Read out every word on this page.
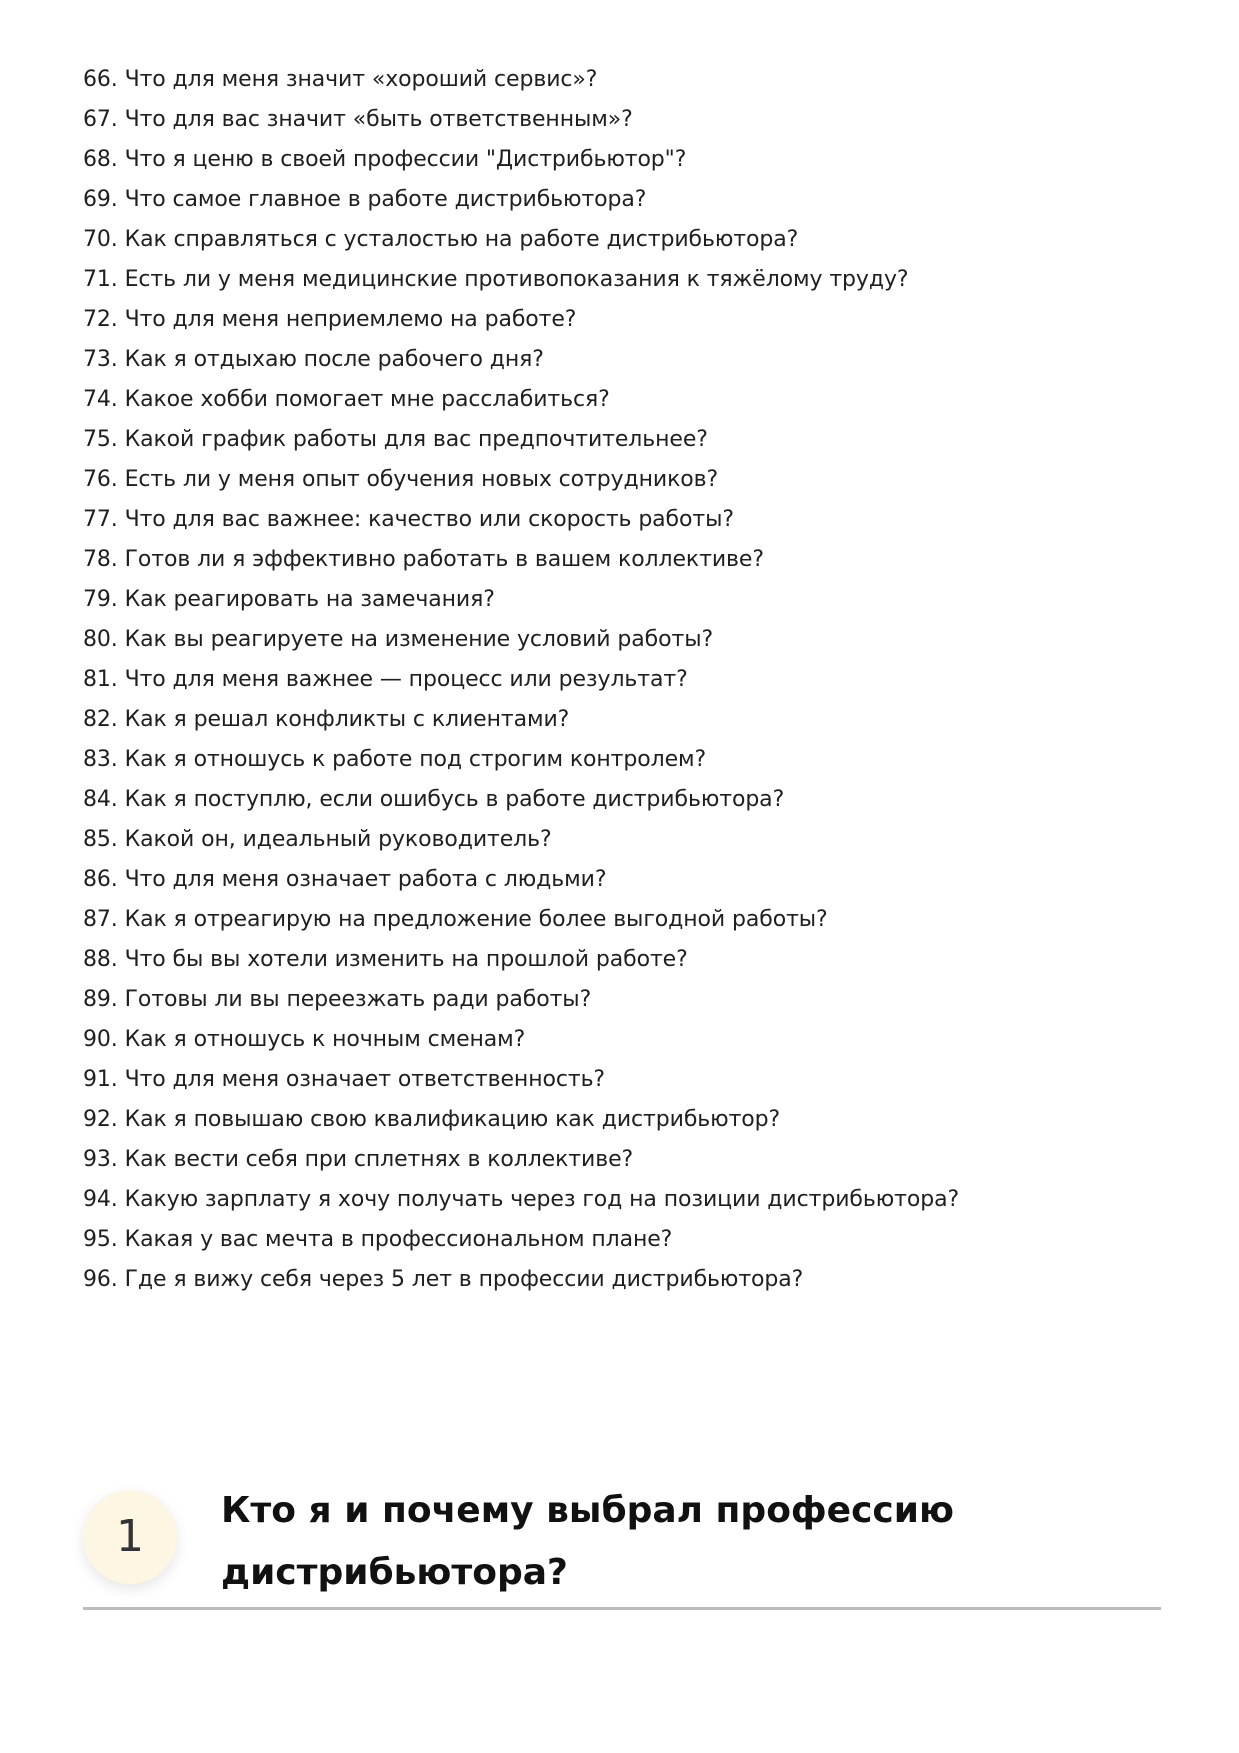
66. Что для меня значит «хороший сервис»?
67. Что для вас значит «быть ответственным»?
68. Что я ценю в своей профессии "Дистрибьютор"?
69. Что самое главное в работе дистрибьютора?
70. Как справляться с усталостью на работе дистрибьютора?
71. Есть ли у меня медицинские противопоказания к тяжёлому труду?
72. Что для меня неприемлемо на работе?
73. Как я отдыхаю после рабочего дня?
74. Какое хобби помогает мне расслабиться?
75. Какой график работы для вас предпочтительнее?
76. Есть ли у меня опыт обучения новых сотрудников?
77. Что для вас важнее: качество или скорость работы?
78. Готов ли я эффективно работать в вашем коллективе?
79. Как реагировать на замечания?
80. Как вы реагируете на изменение условий работы?
81. Что для меня важнее — процесс или результат?
82. Как я решал конфликты с клиентами?
83. Как я отношусь к работе под строгим контролем?
84. Как я поступлю, если ошибусь в работе дистрибьютора?
85. Какой он, идеальный руководитель?
86. Что для меня означает работа с людьми?
87. Как я отреагирую на предложение более выгодной работы?
88. Что бы вы хотели изменить на прошлой работе?
89. Готовы ли вы переезжать ради работы?
90. Как я отношусь к ночным сменам?
91. Что для меня означает ответственность?
92. Как я повышаю свою квалификацию как дистрибьютор?
93. Как вести себя при сплетнях в коллективе?
94. Какую зарплату я хочу получать через год на позиции дистрибьютора?
95. Какая у вас мечта в профессиональном плане?
96. Где я вижу себя через 5 лет в профессии дистрибьютора?
1
Кто я и почему выбрал профессию дистрибьютора?
